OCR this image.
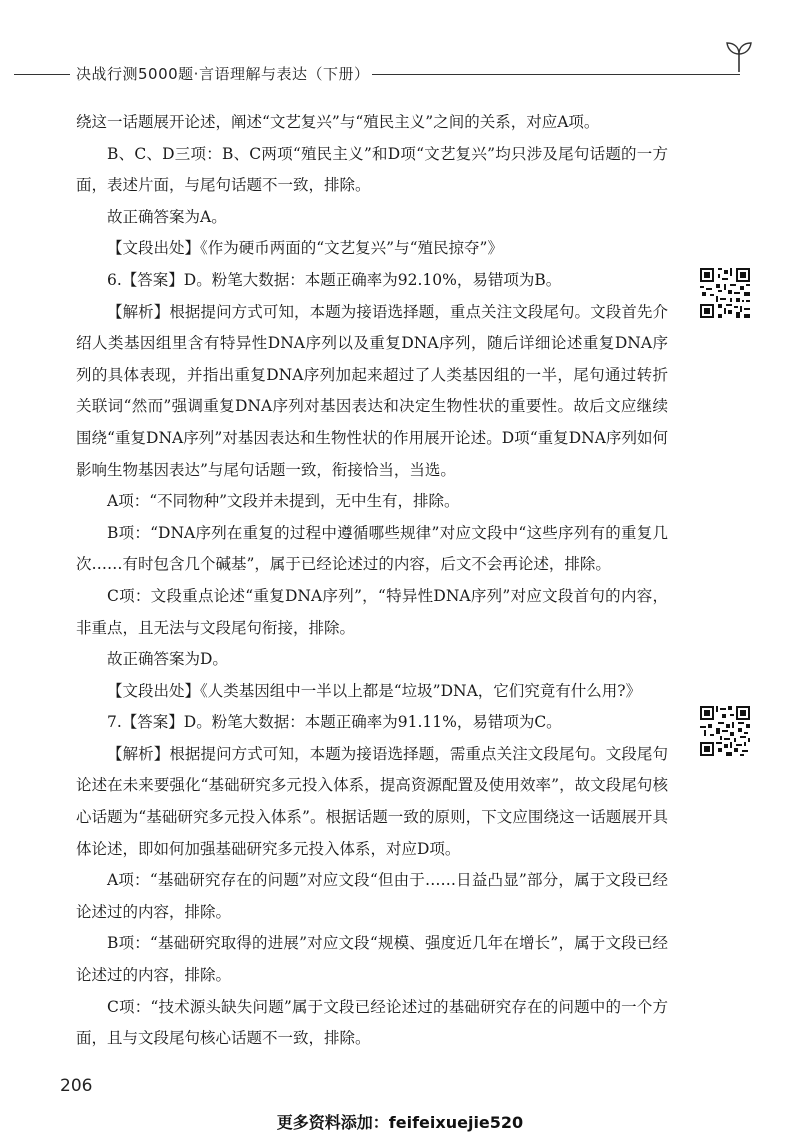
决战行测5000题·言语理解与表达（下册）

绕这一话题展开论述，阐述“文艺复兴”与“殖民主义”之间的关系，对应A项。

B、C、D三项：B、C两项“殖民主义”和D项“文艺复兴”均只涉及尾句话题的一方面，表述片面，与尾句话题不一致，排除。

故正确答案为A。

【文段出处】《作为硬币两面的“文艺复兴”与“殖民掠夺”》

6.【答案】D。粉笔大数据：本题正确率为92.10%，易错项为B。

【解析】根据提问方式可知，本题为接语选择题，重点关注文段尾句。文段首先介绍人类基因组里含有特异性DNA序列以及重复DNA序列，随后详细论述重复DNA序列的具体表现，并指出重复DNA序列加起来超过了人类基因组的一半，尾句通过转折关联词“然而”强调重复DNA序列对基因表达和决定生物性状的重要性。故后文应继续围绕“重复DNA序列”对基因表达和生物性状的作用展开论述。D项“重复DNA序列如何影响生物基因表达”与尾句话题一致，衔接恰当，当选。

A项：“不同物种”文段并未提到，无中生有，排除。

B项：“DNA序列在重复的过程中遵循哪些规律”对应文段中“这些序列有的重复几次……有时包含几个碱基”，属于已经论述过的内容，后文不会再论述，排除。

C项：文段重点论述“重复DNA序列”，“特异性DNA序列”对应文段首句的内容，非重点，且无法与文段尾句衔接，排除。

故正确答案为D。

【文段出处】《人类基因组中一半以上都是“垃圾”DNA，它们究竟有什么用?》

7.【答案】D。粉笔大数据：本题正确率为91.11%，易错项为C。

【解析】根据提问方式可知，本题为接语选择题，需重点关注文段尾句。文段尾句论述在未来要强化“基础研究多元投入体系，提高资源配置及使用效率”，故文段尾句核心话题为“基础研究多元投入体系”。根据话题一致的原则，下文应围绕这一话题展开具体论述，即如何加强基础研究多元投入体系，对应D项。

A项：“基础研究存在的问题”对应文段“但由于……日益凸显”部分，属于文段已经论述过的内容，排除。

B项：“基础研究取得的进展”对应文段“规模、强度近几年在增长”，属于文段已经论述过的内容，排除。

C项：“技术源头缺失问题”属于文段已经论述过的基础研究存在的问题中的一个方面，且与文段尾句核心话题不一致，排除。

206
更多资料添加：feifeixuejie520
